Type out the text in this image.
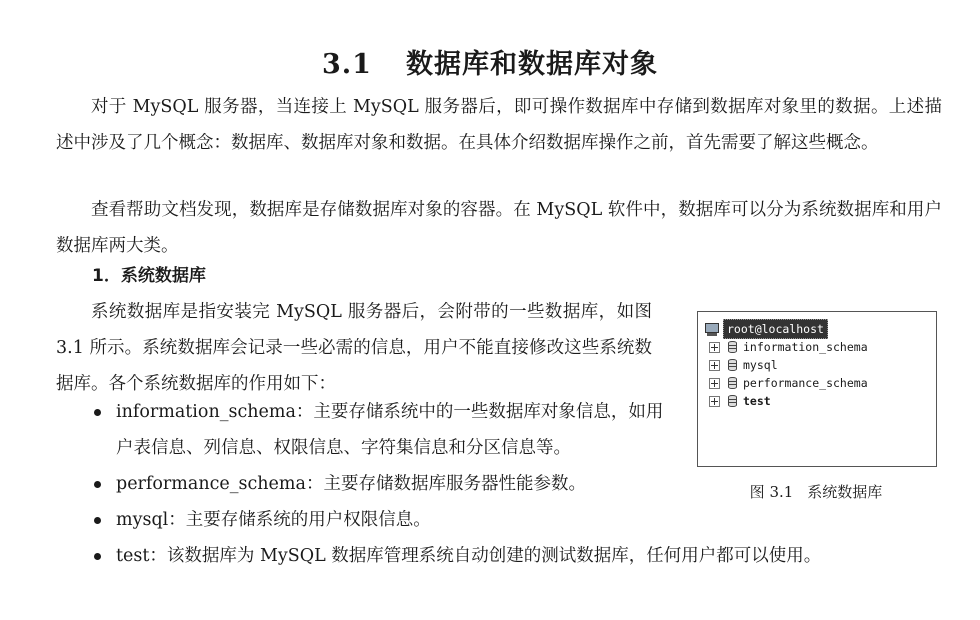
3.1 数据库和数据库对象

对于 MySQL 服务器，当连接上 MySQL 服务器后，即可操作数据库中存储到数据库对象里的数据。上述描述中涉及了几个概念：数据库、数据库对象和数据。在具体介绍数据库操作之前，首先需要了解这些概念。

查看帮助文档发现，数据库是存储数据库对象的容器。在 MySQL 软件中，数据库可以分为系统数据库和用户数据库两大类。

1．系统数据库

系统数据库是指安装完 MySQL 服务器后，会附带的一些数据库，如图 3.1 所示。系统数据库会记录一些必需的信息，用户不能直接修改这些系统数据库。各个系统数据库的作用如下：

information_schema：主要存储系统中的一些数据库对象信息，如用户表信息、列信息、权限信息、字符集信息和分区信息等。
performance_schema：主要存储数据库服务器性能参数。
mysql：主要存储系统的用户权限信息。
test：该数据库为 MySQL 数据库管理系统自动创建的测试数据库，任何用户都可以使用。
root@localhost
information_schema
mysql
performance_schema
test
图 3.1 系统数据库
